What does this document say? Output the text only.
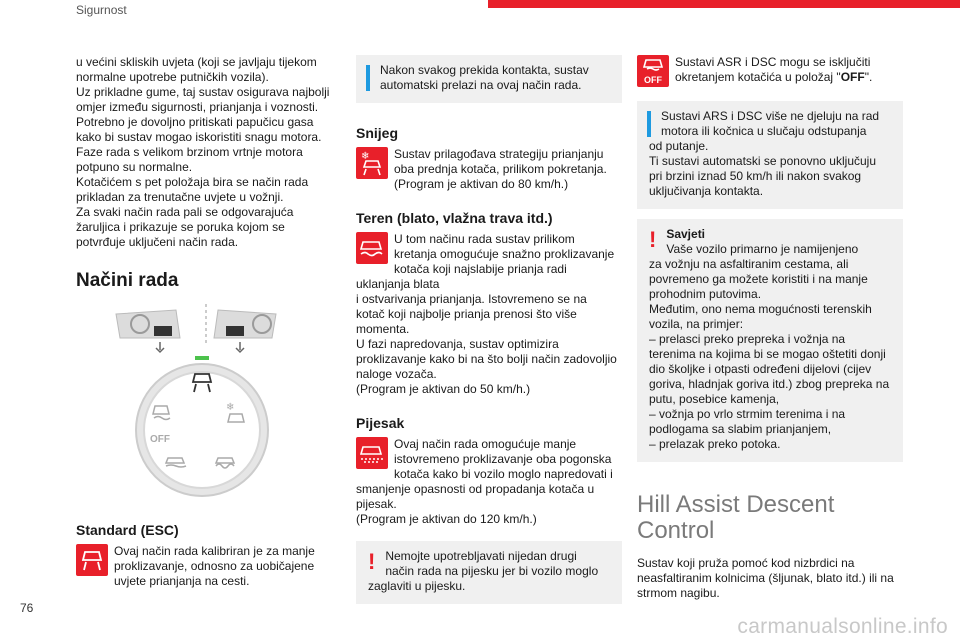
Sigurnost

u većini skliskih uvjeta (koji se javljaju tijekom
normalne upotrebe putničkih vozila).
Uz prikladne gume, taj sustav osigurava najbolji
omjer između sigurnosti, prianjanja i voznosti.
Potrebno je dovoljno pritiskati papučicu gasa
kako bi sustav mogao iskoristiti snagu motora.
Faze rada s velikom brzinom vrtnje motora
potpuno su normalne.
Kotačićem s pet položaja bira se način rada
prikladan za trenutačne uvjete u vožnji.
Za svaki način rada pali se odgovarajuća
žaruljica i prikazuje se poruka kojom se
potvrđuje uključeni način rada.

Načini rada
OFF
❄
Standard (ESC)

Ovaj način rada kalibriran je za manje
proklizavanje, odnosno za uobičajene
uvjete prianjanja na cesti.

Nakon svakog prekida kontakta, sustav
automatski prelazi na ovaj način rada.

Snijeg
❄	Sustav prilagođava strategiju prianjanju
oba prednja kotača, prilikom pokretanja.
(Program je aktivan do 80 km/h.)

Teren (blato, vlažna trava itd.)

U tom načinu rada sustav prilikom
kretanja omogućuje snažno proklizavanje
kotača koji najslabije prianja radi uklanjanja blata
i ostvarivanja prianjanja. Istovremeno se na
kotač koji najbolje prianja prenosi što više
momenta.
U fazi napredovanja, sustav optimizira
proklizavanje kako bi na što bolji način zadovoljio
naloge vozača.
(Program je aktivan do 50 km/h.)

Pijesak

Ovaj način rada omogućuje manje
istovremeno proklizavanje oba pogonska
kotača kako bi vozilo moglo napredovati i
smanjenje opasnosti od propadanja kotača u
pijesak.
(Program je aktivan do 120 km/h.)

! Nemojte upotrebljavati nijedan drugi
način rada na pijesku jer bi vozilo moglo
zaglaviti u pijesku.

OFF

Sustavi ASR i DSC mogu se isključiti
okretanjem kotačića u položaj "OFF".

Sustavi ARS i DSC više ne djeluju na rad
motora ili kočnica u slučaju odstupanja
od putanje.
Ti sustavi automatski se ponovno uključuju
pri brzini iznad 50 km/h ili nakon svakog
uključivanja kontakta.

! Savjeti

Vaše vozilo primarno je namijenjeno
za vožnju na asfaltiranim cestama, ali
povremeno ga možete koristiti i na manje
prohodnim putovima.
Međutim, ono nema mogućnosti terenskih
vozila, na primjer:
– prelasci preko prepreka i vožnja na
terenima na kojima bi se mogao oštetiti donji
dio školjke i otpasti određeni dijelovi (cijev
goriva, hladnjak goriva itd.) zbog prepreka na
putu, posebice kamenja,
– vožnja po vrlo strmim terenima i na
podlogama sa slabim prianjanjem,
– prelazak preko potoka.

Hill Assist Descent
Control

Sustav koji pruža pomoć kod nizbrdici na
neasfaltiranim kolnicima (šljunak, blato itd.) ili na
strmom nagibu.

76
carmanualsonline.info
